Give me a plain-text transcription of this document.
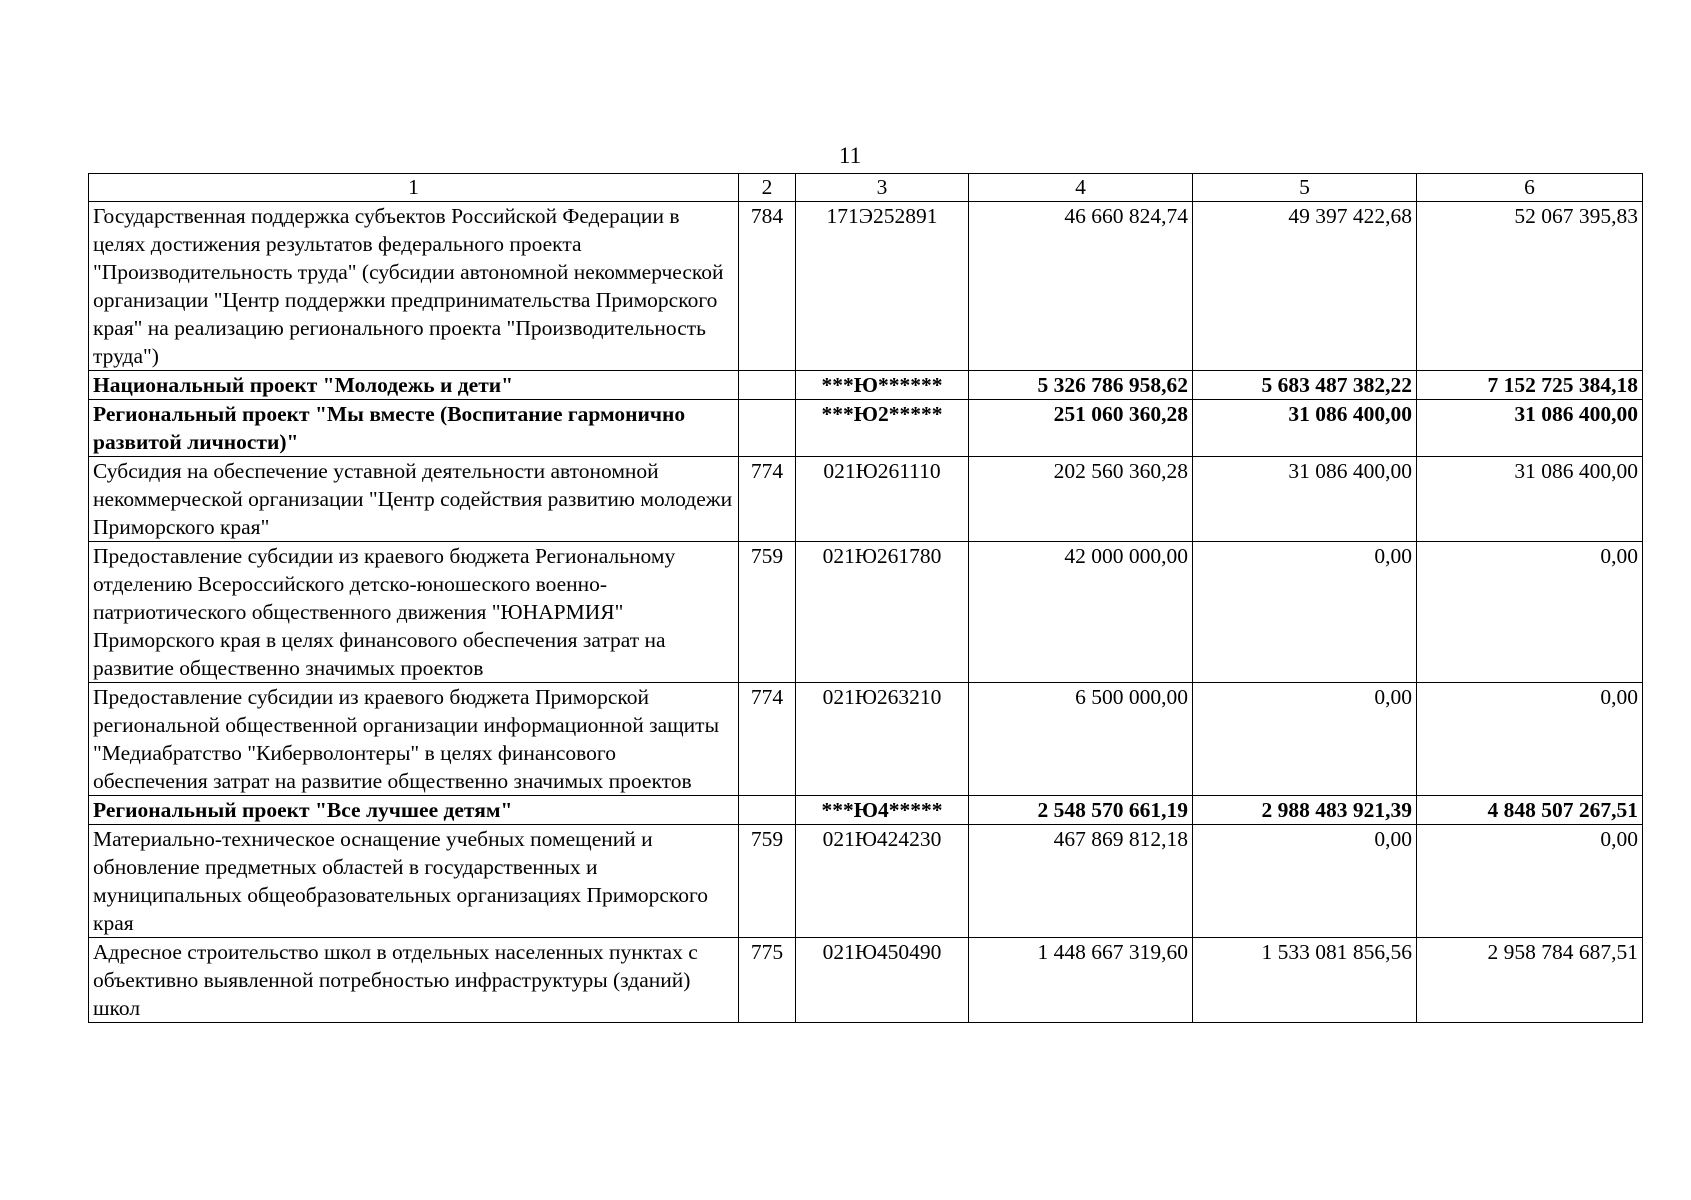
11
1	2	3	4	5	6
Государственная поддержка субъектов Российской Федерации в целях достижения результатов федерального проекта "Производительность труда" (субсидии автономной некоммерческой организации "Центр поддержки предпринимательства Приморского края" на реализацию регионального проекта "Производительность труда")	784	171Э252891	46 660 824,74	49 397 422,68	52 067 395,83
Национальный проект "Молодежь и дети"		***Ю******	5 326 786 958,62	5 683 487 382,22	7 152 725 384,18
Региональный проект "Мы вместе (Воспитание гармонично развитой личности)"		***Ю2*****	251 060 360,28	31 086 400,00	31 086 400,00
Субсидия на обеспечение уставной деятельности автономной некоммерческой организации "Центр содействия развитию молодежи Приморского края"	774	021Ю261110	202 560 360,28	31 086 400,00	31 086 400,00
Предоставление субсидии из краевого бюджета Региональному отделению Всероссийского детско-юношеского военно-патриотического общественного движения "ЮНАРМИЯ" Приморского края в целях финансового обеспечения затрат на развитие общественно значимых проектов	759	021Ю261780	42 000 000,00	0,00	0,00
Предоставление субсидии из краевого бюджета Приморской региональной общественной организации информационной защиты "Медиабратство "Киберволонтеры" в целях финансового обеспечения затрат на развитие общественно значимых проектов	774	021Ю263210	6 500 000,00	0,00	0,00
Региональный проект "Все лучшее детям"		***Ю4*****	2 548 570 661,19	2 988 483 921,39	4 848 507 267,51
Материально-техническое оснащение учебных помещений и обновление предметных областей в государственных и муниципальных общеобразовательных организациях Приморского края	759	021Ю424230	467 869 812,18	0,00	0,00
Адресное строительство школ в отдельных населенных пунктах с объективно выявленной потребностью инфраструктуры (зданий) школ	775	021Ю450490	1 448 667 319,60	1 533 081 856,56	2 958 784 687,51
